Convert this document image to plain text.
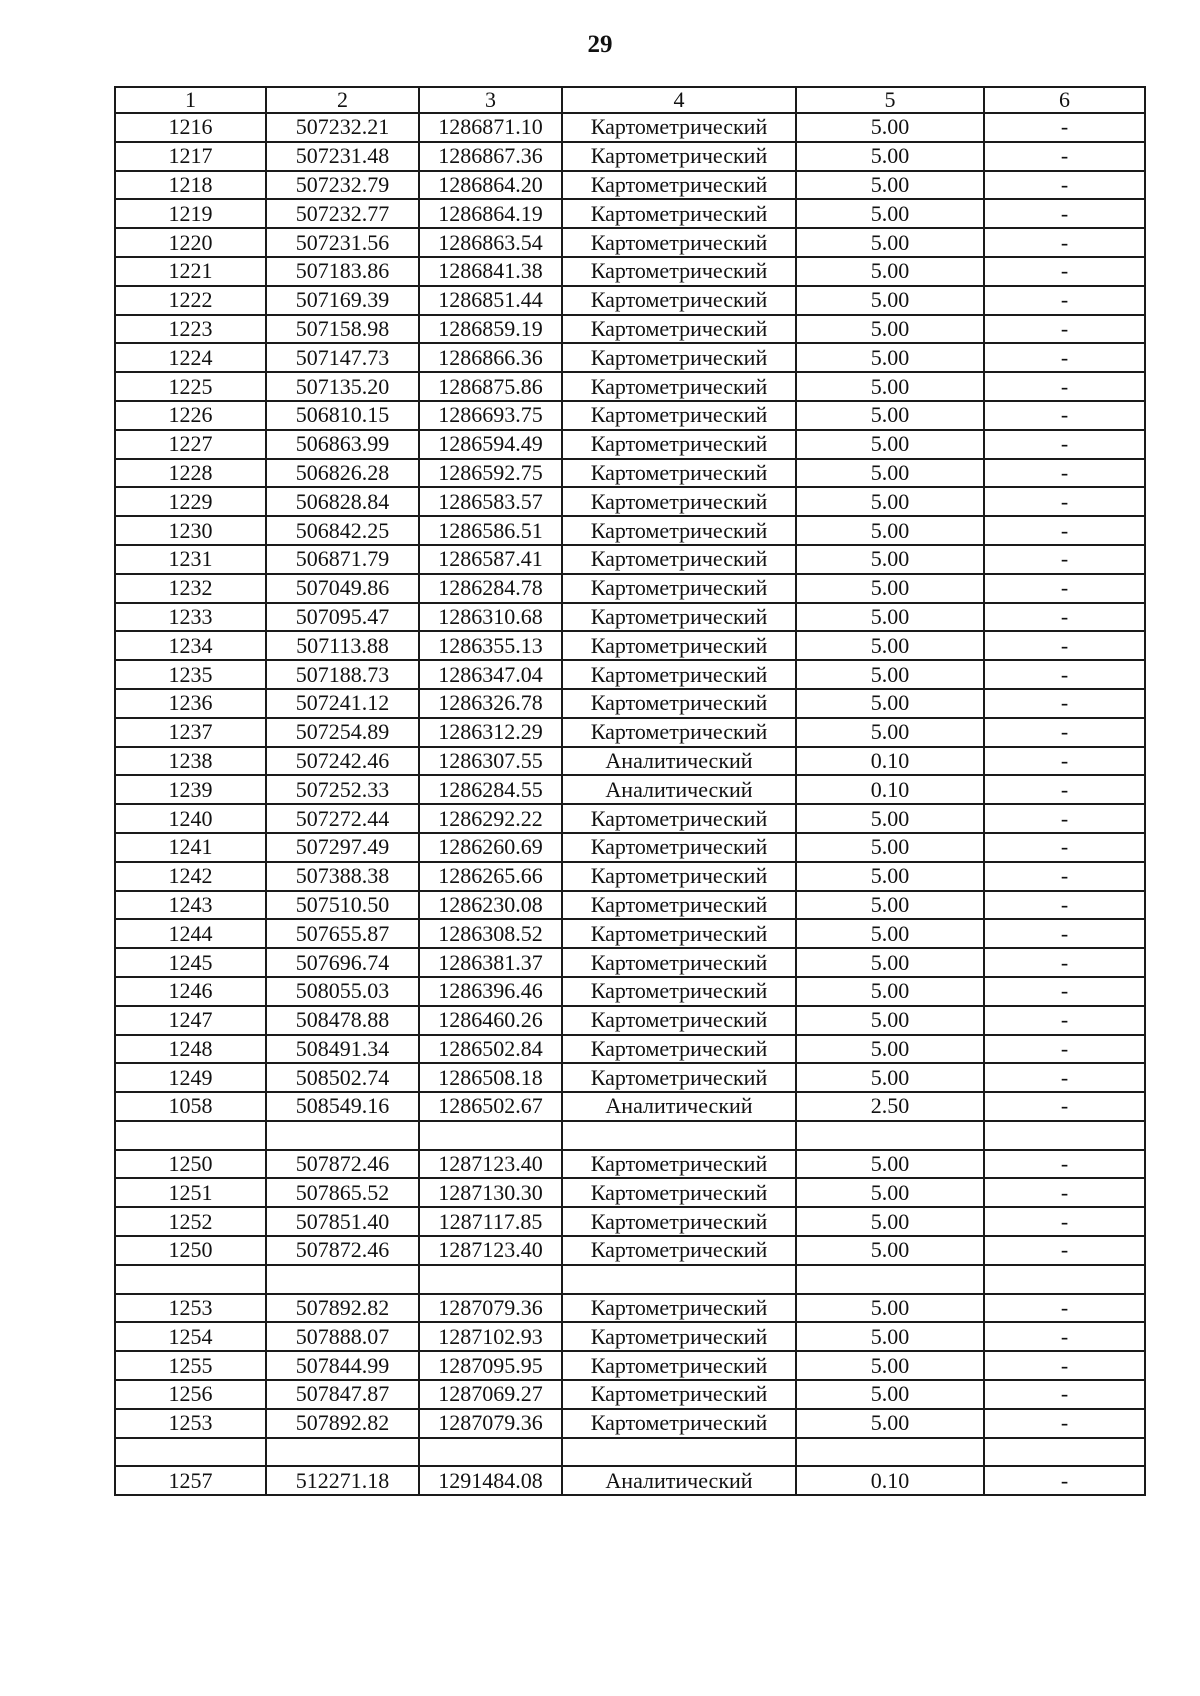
29
1	2	3	4	5	6
1216	507232.21	1286871.10	Картометрический	5.00	-
1217	507231.48	1286867.36	Картометрический	5.00	-
1218	507232.79	1286864.20	Картометрический	5.00	-
1219	507232.77	1286864.19	Картометрический	5.00	-
1220	507231.56	1286863.54	Картометрический	5.00	-
1221	507183.86	1286841.38	Картометрический	5.00	-
1222	507169.39	1286851.44	Картометрический	5.00	-
1223	507158.98	1286859.19	Картометрический	5.00	-
1224	507147.73	1286866.36	Картометрический	5.00	-
1225	507135.20	1286875.86	Картометрический	5.00	-
1226	506810.15	1286693.75	Картометрический	5.00	-
1227	506863.99	1286594.49	Картометрический	5.00	-
1228	506826.28	1286592.75	Картометрический	5.00	-
1229	506828.84	1286583.57	Картометрический	5.00	-
1230	506842.25	1286586.51	Картометрический	5.00	-
1231	506871.79	1286587.41	Картометрический	5.00	-
1232	507049.86	1286284.78	Картометрический	5.00	-
1233	507095.47	1286310.68	Картометрический	5.00	-
1234	507113.88	1286355.13	Картометрический	5.00	-
1235	507188.73	1286347.04	Картометрический	5.00	-
1236	507241.12	1286326.78	Картометрический	5.00	-
1237	507254.89	1286312.29	Картометрический	5.00	-
1238	507242.46	1286307.55	Аналитический	0.10	-
1239	507252.33	1286284.55	Аналитический	0.10	-
1240	507272.44	1286292.22	Картометрический	5.00	-
1241	507297.49	1286260.69	Картометрический	5.00	-
1242	507388.38	1286265.66	Картометрический	5.00	-
1243	507510.50	1286230.08	Картометрический	5.00	-
1244	507655.87	1286308.52	Картометрический	5.00	-
1245	507696.74	1286381.37	Картометрический	5.00	-
1246	508055.03	1286396.46	Картометрический	5.00	-
1247	508478.88	1286460.26	Картометрический	5.00	-
1248	508491.34	1286502.84	Картометрический	5.00	-
1249	508502.74	1286508.18	Картометрический	5.00	-
1058	508549.16	1286502.67	Аналитический	2.50	-

1250	507872.46	1287123.40	Картометрический	5.00	-
1251	507865.52	1287130.30	Картометрический	5.00	-
1252	507851.40	1287117.85	Картометрический	5.00	-
1250	507872.46	1287123.40	Картометрический	5.00	-

1253	507892.82	1287079.36	Картометрический	5.00	-
1254	507888.07	1287102.93	Картометрический	5.00	-
1255	507844.99	1287095.95	Картометрический	5.00	-
1256	507847.87	1287069.27	Картометрический	5.00	-
1253	507892.82	1287079.36	Картометрический	5.00	-

1257	512271.18	1291484.08	Аналитический	0.10	-
